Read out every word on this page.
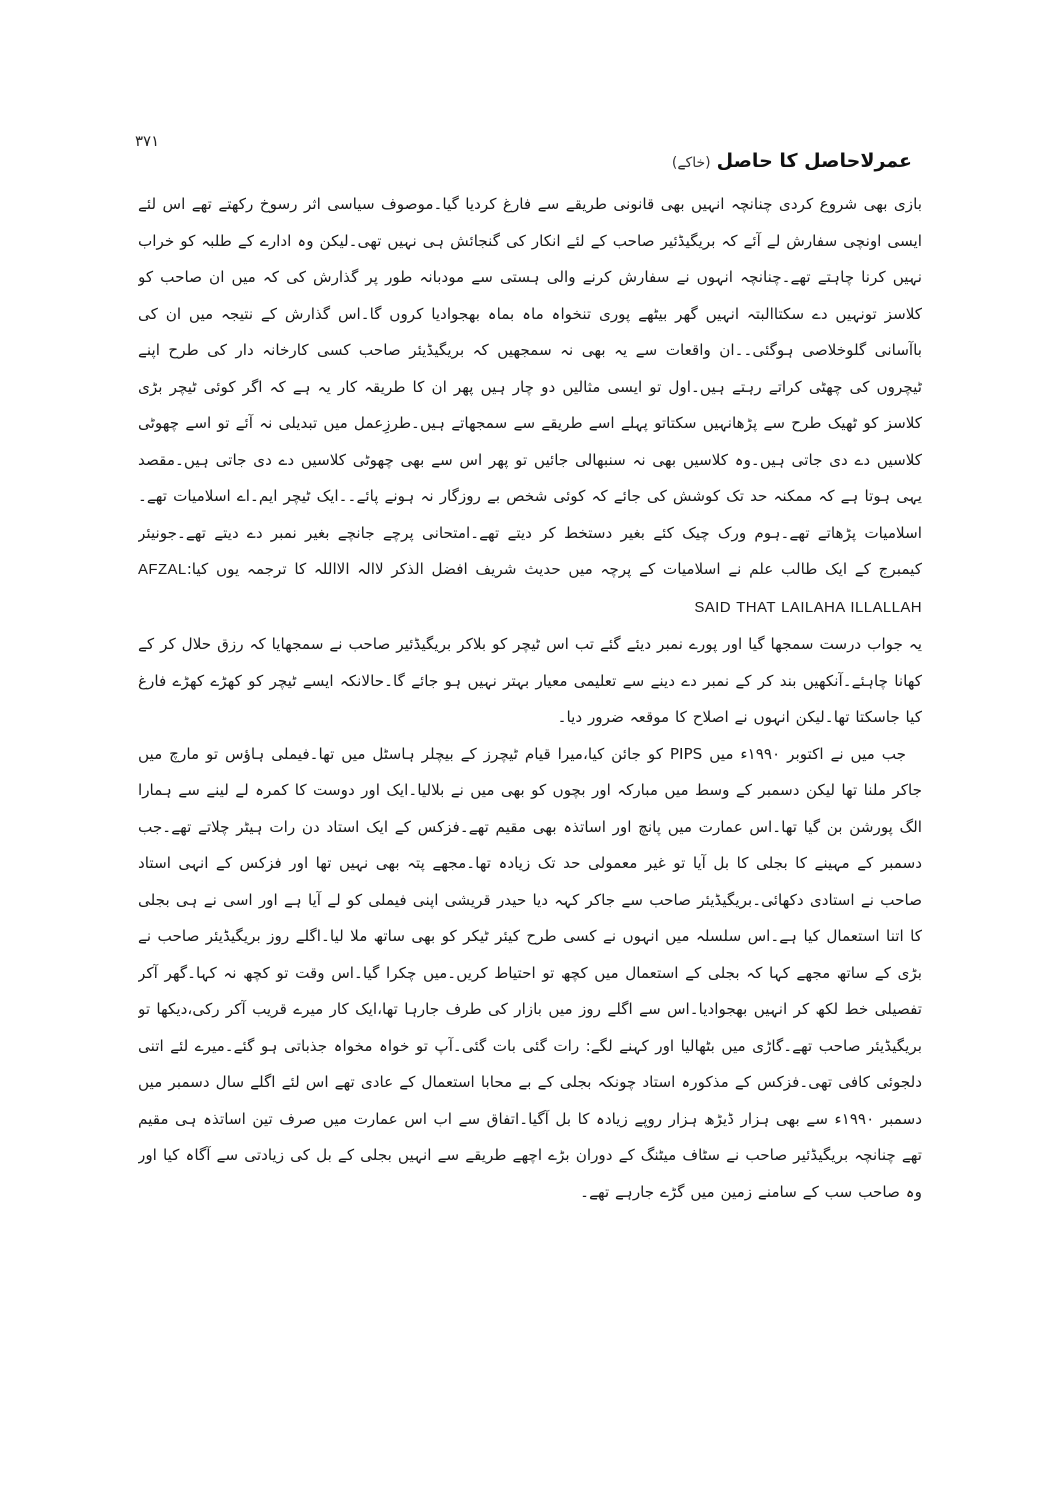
۳۷۱
عمرلاحاصل کا حاصل
(خاکے)

بازی بھی شروع کردی چنانچہ انہیں بھی قانونی طریقے سے فارغ کردیا گیا۔موصوف سیاسی اثر رسوخ رکھتے تھے اس لئے ایسی اونچی سفارش لے آئے کہ بریگیڈئیر صاحب کے لئے انکار کی گنجائش ہی نہیں تھی۔لیکن وہ ادارے کے طلبہ کو خراب نہیں کرنا چاہتے تھے۔چنانچہ انہوں نے سفارش کرنے والی ہستی سے مودبانہ طور پر گذارش کی کہ میں ان صاحب کو کلاسز تونہیں دے سکتاالبتہ انہیں گھر بیٹھے پوری تنخواہ ماہ بماہ بھجوادیا کروں گا۔اس گذارش کے نتیجہ میں ان کی باآسانی گلوخلاصی ہوگئی۔۔ان واقعات سے یہ بھی نہ سمجھیں کہ بریگیڈیئر صاحب کسی کارخانہ دار کی طرح اپنے ٹیچروں کی چھٹی کراتے رہتے ہیں۔اول تو ایسی مثالیں دو چار ہیں پھر ان کا طریقہ کار یہ ہے کہ اگر کوئی ٹیچر بڑی کلاسز کو ٹھیک طرح سے پڑھانہیں سکتاتو پہلے اسے طریقے سے سمجھاتے ہیں۔طرزِعمل میں تبدیلی نہ آئے تو اسے چھوٹی کلاسیں دے دی جاتی ہیں۔وہ کلاسیں بھی نہ سنبھالی جائیں تو پھر اس سے بھی چھوٹی کلاسیں دے دی جاتی ہیں۔مقصد یہی ہوتا ہے کہ ممکنہ حد تک کوشش کی جائے کہ کوئی شخص بے روزگار نہ ہونے پائے۔۔ایک ٹیچر ایم۔اے اسلامیات تھے۔اسلامیات پڑھاتے تھے۔ہوم ورک چیک کئے بغیر دستخط کر دیتے تھے۔امتحانی پرچے جانچے بغیر نمبر دے دیتے تھے۔جونیئر کیمبرج کے ایک طالب علم نے اسلامیات کے پرچہ میں حدیث شریف افضل الذکر لاالہ الااللہ کا ترجمہ یوں کیا:AFZAL SAID THAT LAILAHA ILLALLAH

یہ جواب درست سمجھا گیا اور پورے نمبر دیئے گئے تب اس ٹیچر کو بلاکر بریگیڈئیر صاحب نے سمجھایا کہ رزق حلال کر کے کھانا چاہئے۔آنکھیں بند کر کے نمبر دے دینے سے تعلیمی معیار بہتر نہیں ہو جائے گا۔حالانکہ ایسے ٹیچر کو کھڑے کھڑے فارغ کیا جاسکتا تھا۔لیکن انہوں نے اصلاح کا موقعہ ضرور دیا۔

جب میں نے اکتوبر ۱۹۹۰ء میں PIPS کو جائن کیا،میرا قیام ٹیچرز کے بیچلر ہاسٹل میں تھا۔فیملی ہاؤس تو مارچ میں جاکر ملنا تھا لیکن دسمبر کے وسط میں مبارکہ اور بچوں کو بھی میں نے بلالیا۔ایک اور دوست کا کمرہ لے لینے سے ہمارا الگ پورشن بن گیا تھا۔اس عمارت میں پانچ اور اساتذہ بھی مقیم تھے۔فزکس کے ایک استاد دن رات ہیٹر چلاتے تھے۔جب دسمبر کے مہینے کا بجلی کا بل آیا تو غیر معمولی حد تک زیادہ تھا۔مجھے پتہ بھی نہیں تھا اور فزکس کے انہی استاد صاحب نے استادی دکھائی۔بریگیڈیئر صاحب سے جاکر کہہ دیا حیدر قریشی اپنی فیملی کو لے آیا ہے اور اسی نے ہی بجلی کا اتنا استعمال کیا ہے۔اس سلسلہ میں انہوں نے کسی طرح کیئر ٹیکر کو بھی ساتھ ملا لیا۔اگلے روز بریگیڈیئر صاحب نے بڑی کے ساتھ مجھے کہا کہ بجلی کے استعمال میں کچھ تو احتیاط کریں۔میں چکرا گیا۔اس وقت تو کچھ نہ کہا۔گھر آکر تفصیلی خط لکھ کر انہیں بھجوادیا۔اس سے اگلے روز میں بازار کی طرف جارہا تھا،ایک کار میرے قریب آکر رکی،دیکھا تو بریگیڈیئر صاحب تھے۔گاڑی میں بٹھالیا اور کہنے لگے: رات گئی بات گئی۔آپ تو خواہ مخواہ جذباتی ہو گئے۔میرے لئے اتنی دلجوئی کافی تھی۔فزکس کے مذکورہ استاد چونکہ بجلی کے بے محابا استعمال کے عادی تھے اس لئے اگلے سال دسمبر میں دسمبر ۱۹۹۰ء سے بھی ہزار ڈیڑھ ہزار روپے زیادہ کا بل آگیا۔اتفاق سے اب اس عمارت میں صرف تین اساتذہ ہی مقیم تھے چنانچہ بریگیڈئیر صاحب نے سٹاف میٹنگ کے دوران بڑے اچھے طریقے سے انہیں بجلی کے بل کی زیادتی سے آگاہ کیا اور وہ صاحب سب کے سامنے زمین میں گڑے جارہے تھے۔
